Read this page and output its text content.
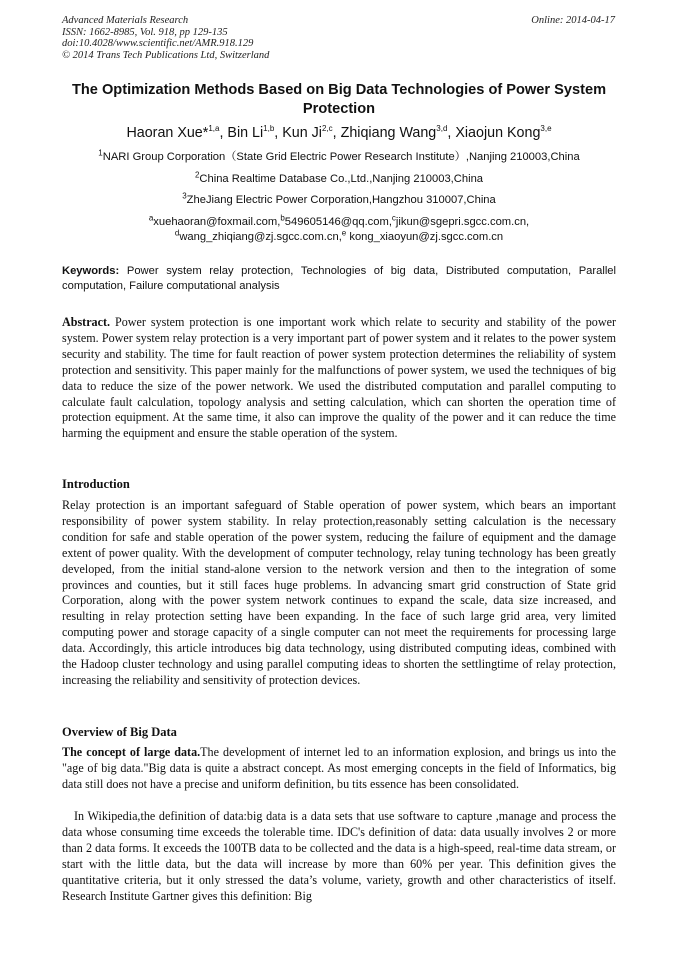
Advanced Materials Research
ISSN: 1662-8985, Vol. 918, pp 129-135
doi:10.4028/www.scientific.net/AMR.918.129
© 2014 Trans Tech Publications Ltd, Switzerland
Online: 2014-04-17
The Optimization Methods Based on Big Data Technologies of Power System Protection
Haoran Xue*$^{1,a}$, Bin Li$^{1,b}$, Kun Ji$^{2,c}$, Zhiqiang Wang$^{3,d}$, Xiaojun Kong$^{3,e}$
$^1$NARI Group Corporation（State Grid Electric Power Research Institute）,Nanjing 210003,China
$^2$China Realtime Database Co.,Ltd.,Nanjing 210003,China
$^3$ZheJiang Electric Power Corporation,Hangzhou 310007,China
$^a$xuehaoran@foxmail.com,$^b$549605146@qq.com,$^c$jikun@sgepri.sgcc.com.cn,
$^d$wang_zhiqiang@zj.sgcc.com.cn,$^e$ kong_xiaoyun@zj.sgcc.com.cn
Keywords: Power system relay protection, Technologies of big data, Distributed computation, Parallel computation, Failure computational analysis

Abstract. Power system protection is one important work which relate to security and stability of the power system. Power system relay protection is a very important part of power system and it relates to the power system security and stability. The time for fault reaction of power system protection determines the reliability of system protection and sensitivity. This paper mainly for the malfunctions of power system, we used the techniques of big data to reduce the size of the power network. We used the distributed computation and parallel computing to calculate fault calculation, topology analysis and setting calculation, which can shorten the operation time of protection equipment. At the same time, it also can improve the quality of the power and it can reduce the time harming the equipment and ensure the stable operation of the system.

Introduction

Relay protection is an important safeguard of Stable operation of power system, which bears an important responsibility of power system stability. In relay protection,reasonably setting calculation is the necessary condition for safe and stable operation of the power system, reducing the failure of equipment and the damage extent of power quality. With the development of computer technology, relay tuning technology has been greatly developed, from the initial stand-alone version to the network version and then to the integration of some provinces and counties, but it still faces huge problems. In advancing smart grid construction of State grid Corporation, along with the power system network continues to expand the scale, data size increased, and resulting in relay protection setting have been expanding. In the face of such large grid area, very limited computing power and storage capacity of a single computer can not meet the requirements for processing large data. Accordingly, this article introduces big data technology, using distributed computing ideas, combined with the Hadoop cluster technology and using parallel computing ideas to shorten the settlingtime of relay protection, increasing the reliability and sensitivity of protection devices.

Overview of Big Data

The concept of large data.The development of internet led to an information explosion, and brings us into the "age of big data."Big data is quite a abstract concept. As most emerging concepts in the field of Informatics, big data still does not have a precise and uniform definition, bu tits essence has been consolidated.

In Wikipedia,the definition of data:big data is a data sets that use software to capture ,manage and process the data whose consuming time exceeds the tolerable time. IDC's definition of data: data usually involves 2 or more than 2 data forms. It exceeds the 100TB data to be collected and the data is a high-speed, real-time data stream, or start with the little data, but the data will increase by more than 60% per year. This definition gives the quantitative criteria, but it only stressed the data’s volume, variety, growth and other characteristics of itself. Research Institute Gartner gives this definition: Big
